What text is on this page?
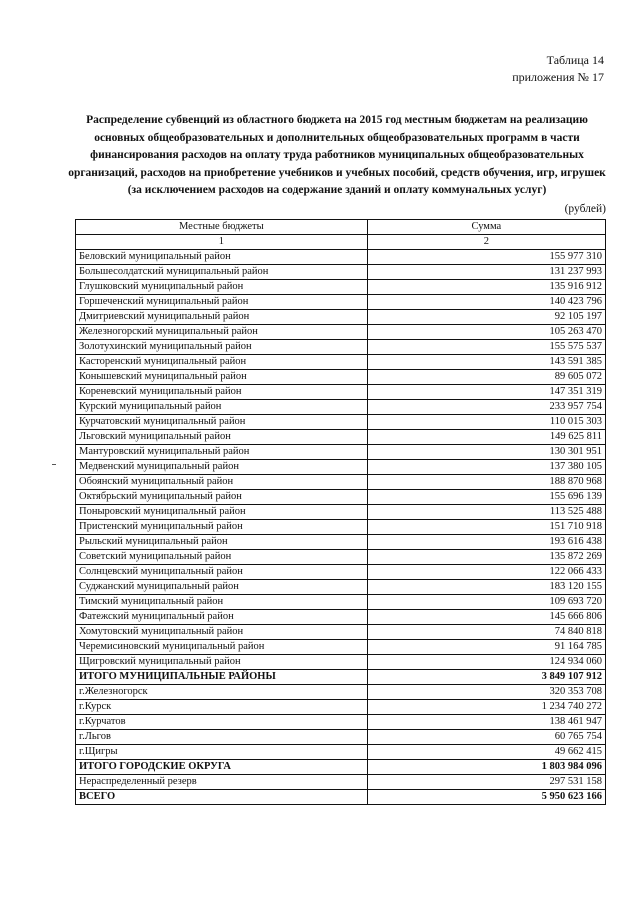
Таблица 14
приложения № 17
Распределение субвенций из областного бюджета на 2015 год местным бюджетам на реализацию основных общеобразовательных и дополнительных общеобразовательных программ в части финансирования расходов на оплату труда работников муниципальных общеобразовательных организаций, расходов на приобретение учебников и учебных пособий, средств обучения, игр, игрушек (за исключением расходов на содержание зданий и оплату коммунальных услуг)
(рублей)
Местные бюджеты	Сумма
1	2
Беловский муниципальный район	155 977 310
Большесолдатский муниципальный район	131 237 993
Глушковский муниципальный район	135 916 912
Горшеченский муниципальный район	140 423 796
Дмитриевский муниципальный район	92 105 197
Железногорский муниципальный район	105 263 470
Золотухинский муниципальный район	155 575 537
Касторенский муниципальный район	143 591 385
Конышевский муниципальный район	89 605 072
Кореневский муниципальный район	147 351 319
Курский муниципальный район	233 957 754
Курчатовский муниципальный район	110 015 303
Льговский муниципальный район	149 625 811
Мантуровский муниципальный район	130 301 951
Медвенский муниципальный район	137 380 105
Обоянский муниципальный район	188 870 968
Октябрьский муниципальный район	155 696 139
Поныровский муниципальный район	113 525 488
Пристенский муниципальный район	151 710 918
Рыльский муниципальный район	193 616 438
Советский муниципальный район	135 872 269
Солнцевский муниципальный район	122 066 433
Суджанский муниципальный район	183 120 155
Тимский муниципальный район	109 693 720
Фатежский муниципальный район	145 666 806
Хомутовский муниципальный район	74 840 818
Черемисиновский муниципальный район	91 164 785
Щигровский муниципальный район	124 934 060
ИТОГО МУНИЦИПАЛЬНЫЕ РАЙОНЫ	3 849 107 912
г.Железногорск	320 353 708
г.Курск	1 234 740 272
г.Курчатов	138 461 947
г.Льгов	60 765 754
г.Щигры	49 662 415
ИТОГО ГОРОДСКИЕ ОКРУГА	1 803 984 096
Нераспределенный резерв	297 531 158
ВСЕГО	5 950 623 166
